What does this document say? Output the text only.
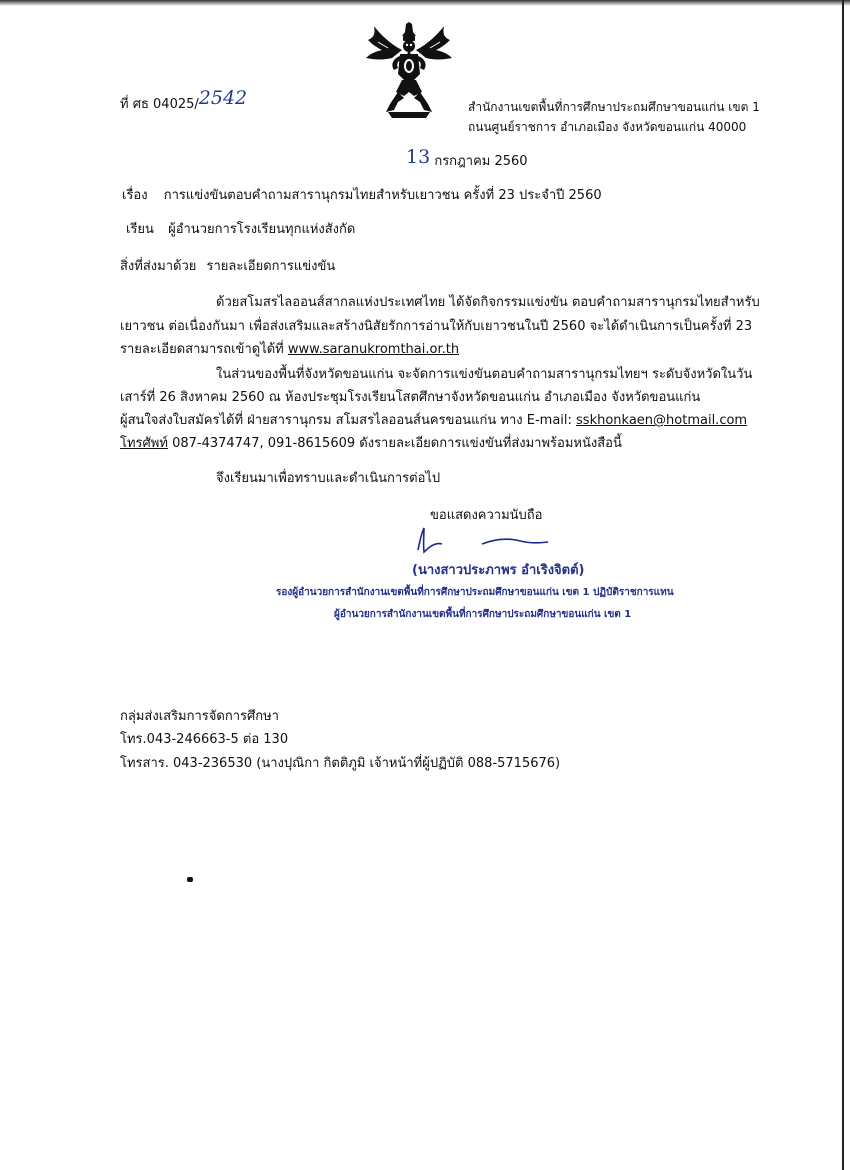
ที่ ศธ 04025/2542	สำนักงานเขตพื้นที่การศึกษาประถมศึกษาขอนแก่น เขต 1
ถนนศูนย์ราชการ อำเภอเมือง จังหวัดขอนแก่น 40000
13 กรกฎาคม 2560
เรื่อง การแข่งขันตอบคำถามสารานุกรมไทยสำหรับเยาวชน ครั้งที่ 23 ประจำปี 2560
เรียน ผู้อำนวยการโรงเรียนทุกแห่งสังกัด
สิ่งที่ส่งมาด้วย รายละเอียดการแข่งขัน
ด้วยสโมสรไลออนส์สากลแห่งประเทศไทย ได้จัดกิจกรรมแข่งขัน ตอบคำถามสารานุกรมไทยสำหรับ
เยาวชน ต่อเนื่องกันมา เพื่อส่งเสริมและสร้างนิสัยรักการอ่านให้กับเยาวชนในปี 2560 จะได้ดำเนินการเป็นครั้งที่ 23
รายละเอียดสามารถเข้าดูได้ที่ www.saranukromthai.or.th
ในส่วนของพื้นที่จังหวัดขอนแก่น จะจัดการแข่งขันตอบคำถามสารานุกรมไทยฯ ระดับจังหวัดในวัน
เสาร์ที่ 26 สิงหาคม 2560 ณ ห้องประชุมโรงเรียนโสตศึกษาจังหวัดขอนแก่น อำเภอเมือง จังหวัดขอนแก่น
ผู้สนใจส่งใบสมัครได้ที่ ฝ่ายสารานุกรม สโมสรไลออนส์นครขอนแก่น ทาง E-mail: sskhonkaen@hotmail.com
โทรศัพท์ 087-4374747, 091-8615609 ดังรายละเอียดการแข่งขันที่ส่งมาพร้อมหนังสือนี้
จึงเรียนมาเพื่อทราบและดำเนินการต่อไป
ขอแสดงความนับถือ
(นางสาวประภาพร อำเริงจิตต์)
รองผู้อำนวยการสำนักงานเขตพื้นที่การศึกษาประถมศึกษาขอนแก่น เขต 1 ปฏิบัติราชการแทน
ผู้อำนวยการสำนักงานเขตพื้นที่การศึกษาประถมศึกษาขอนแก่น เขต 1
กลุ่มส่งเสริมการจัดการศึกษา
โทร.043-246663-5 ต่อ 130
โทรสาร. 043-236530 (นางปุณิกา กิตติภูมิ เจ้าหน้าที่ผู้ปฏิบัติ 088-5715676)
